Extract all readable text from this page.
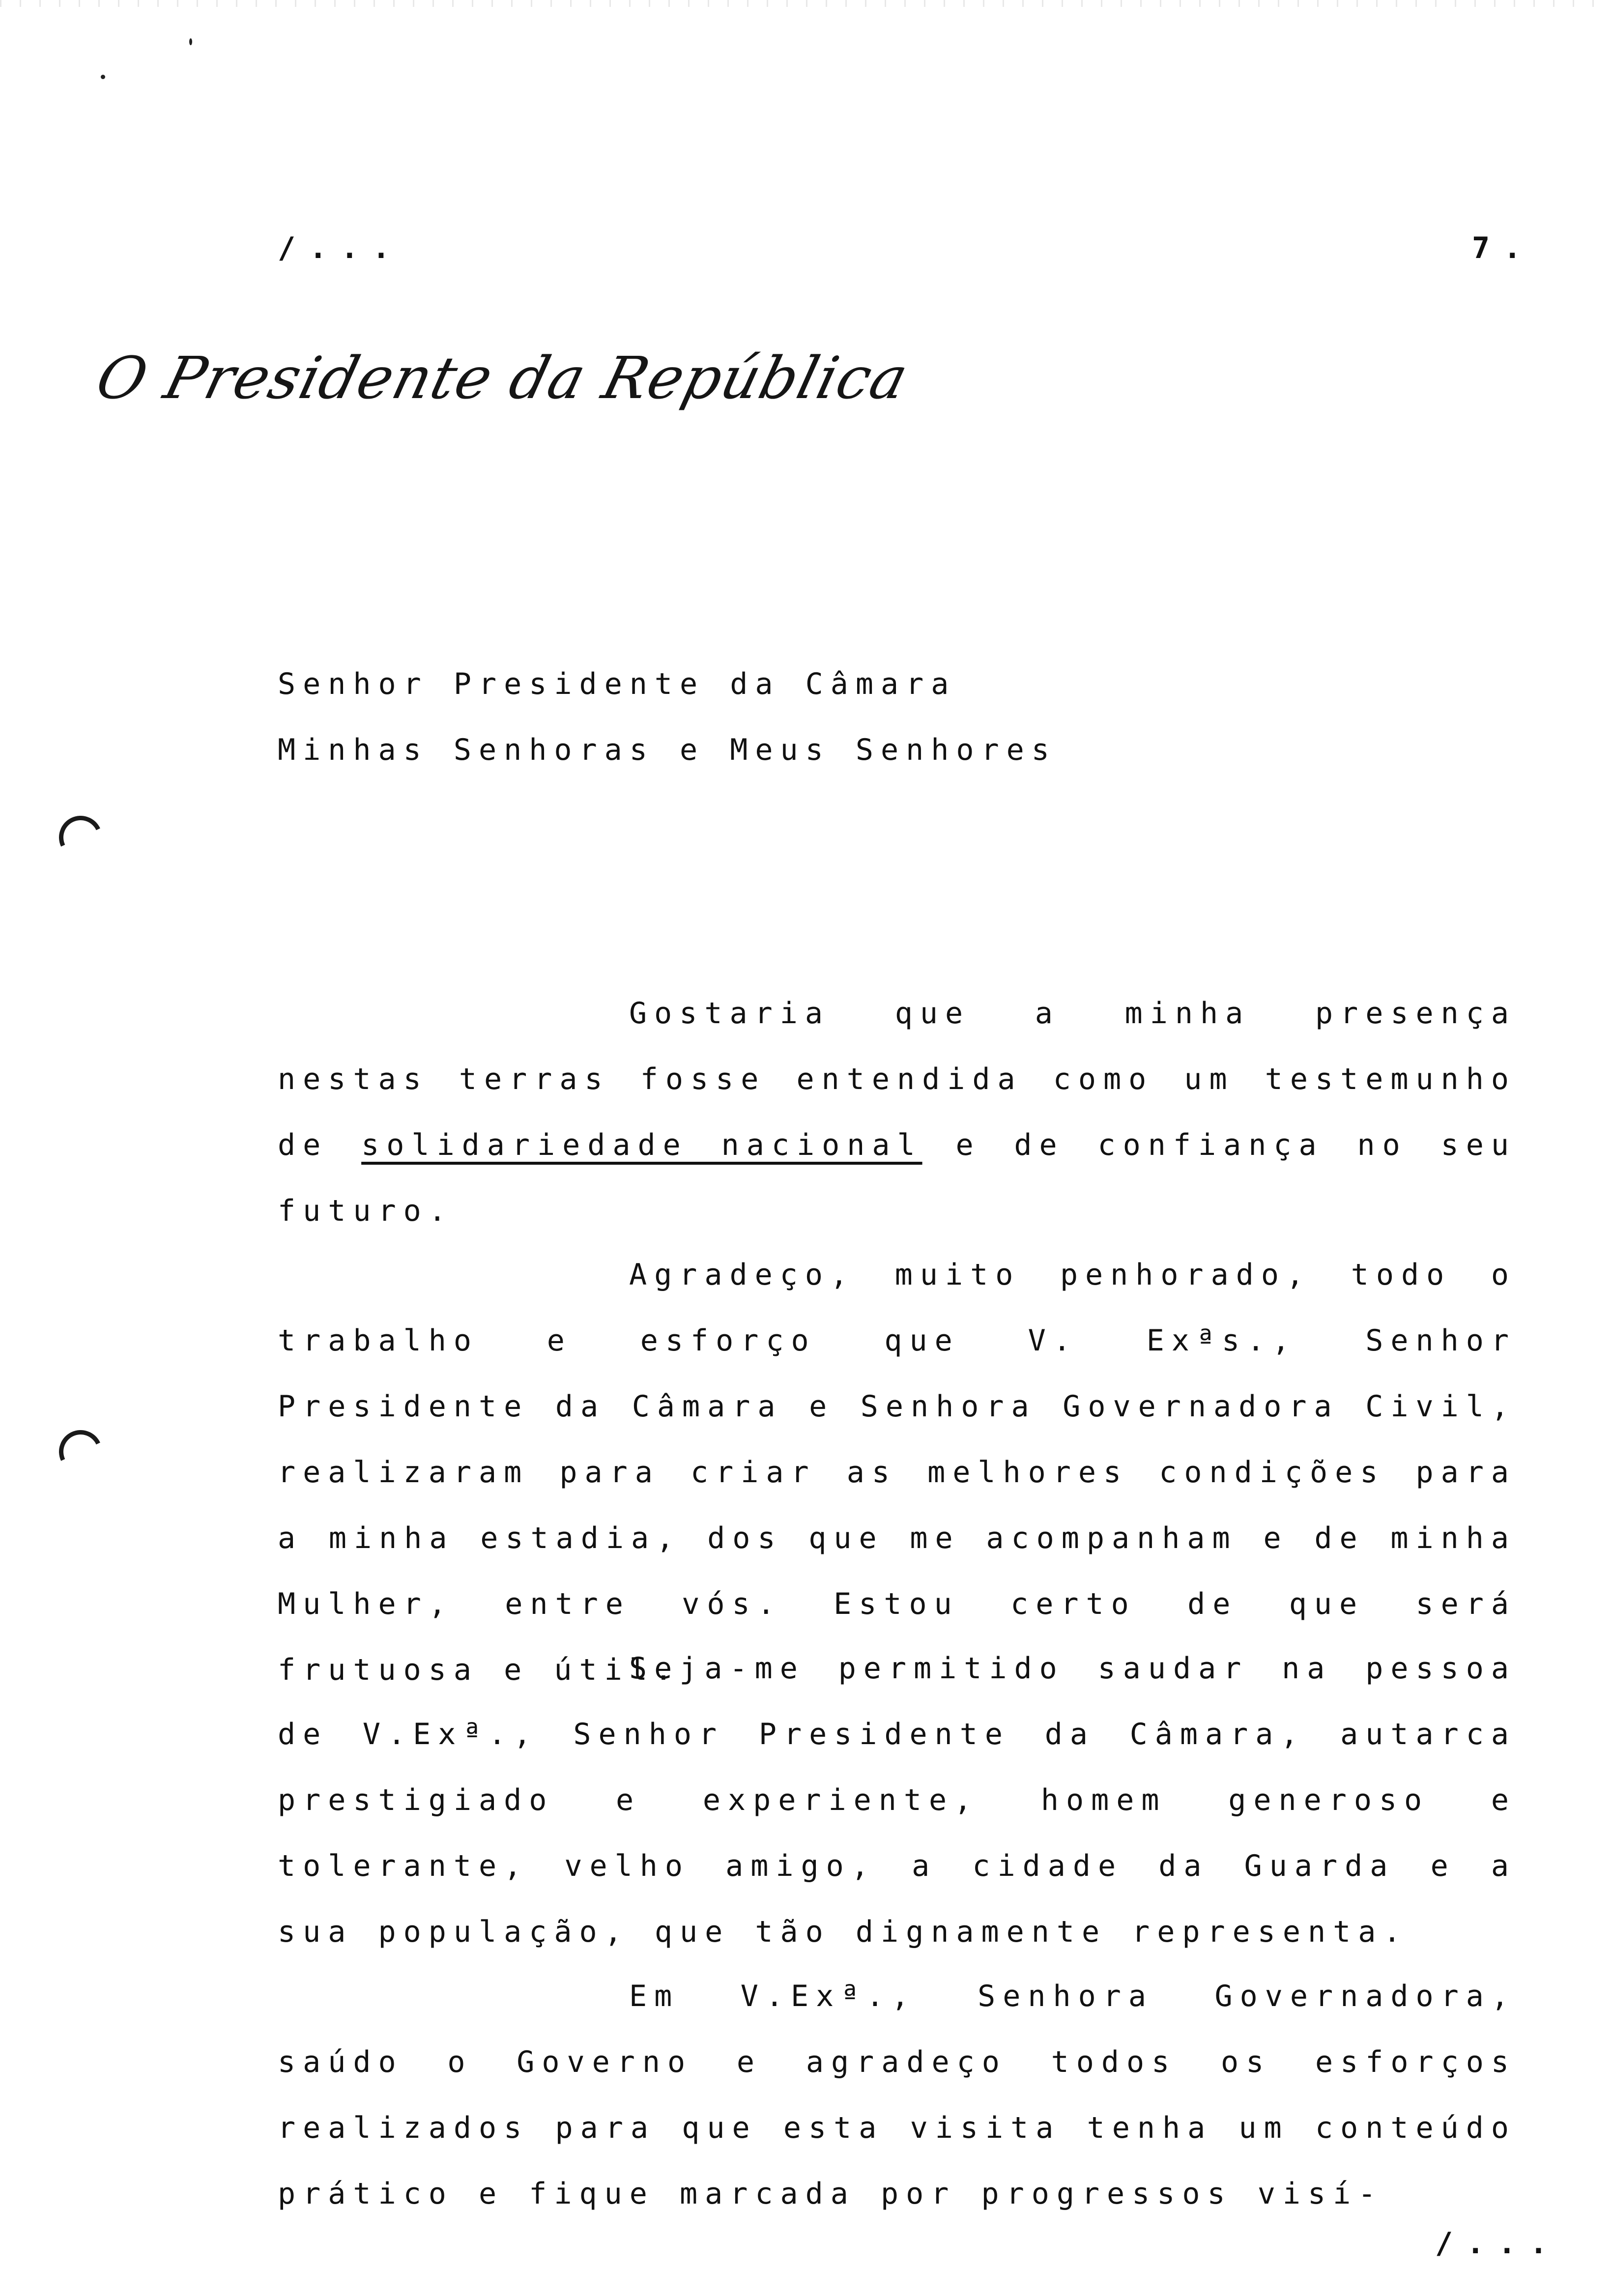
/...	7.
O Presidente da República
Senhor Presidente da Câmara
Minhas Senhoras e Meus Senhores
Gostaria que a minha presença nestas terras fosse entendida como um testemunho de solidariedade nacional e de confiança no seu futuro.
Agradeço, muito penhorado, todo o trabalho e esforço que V. Exªs., Senhor Presidente da Câmara e Senhora Governadora Civil, realizaram para criar as melhores condições para a minha estadia, dos que me acompanham e de minha Mulher, entre vós. Estou certo de que será frutuosa e útil.
Seja-me permitido saudar na pessoa de V.Exª., Senhor Presidente da Câmara, autarca prestigiado e experiente, homem generoso e tolerante, velho amigo, a cidade da Guarda e a sua população, que tão dignamente representa.
Em V.Exª., Senhora Governadora, saúdo o Governo e agradeço todos os esforços realizados para que esta visita tenha um conteúdo prático e fique marcada por progressos visí-
/...
